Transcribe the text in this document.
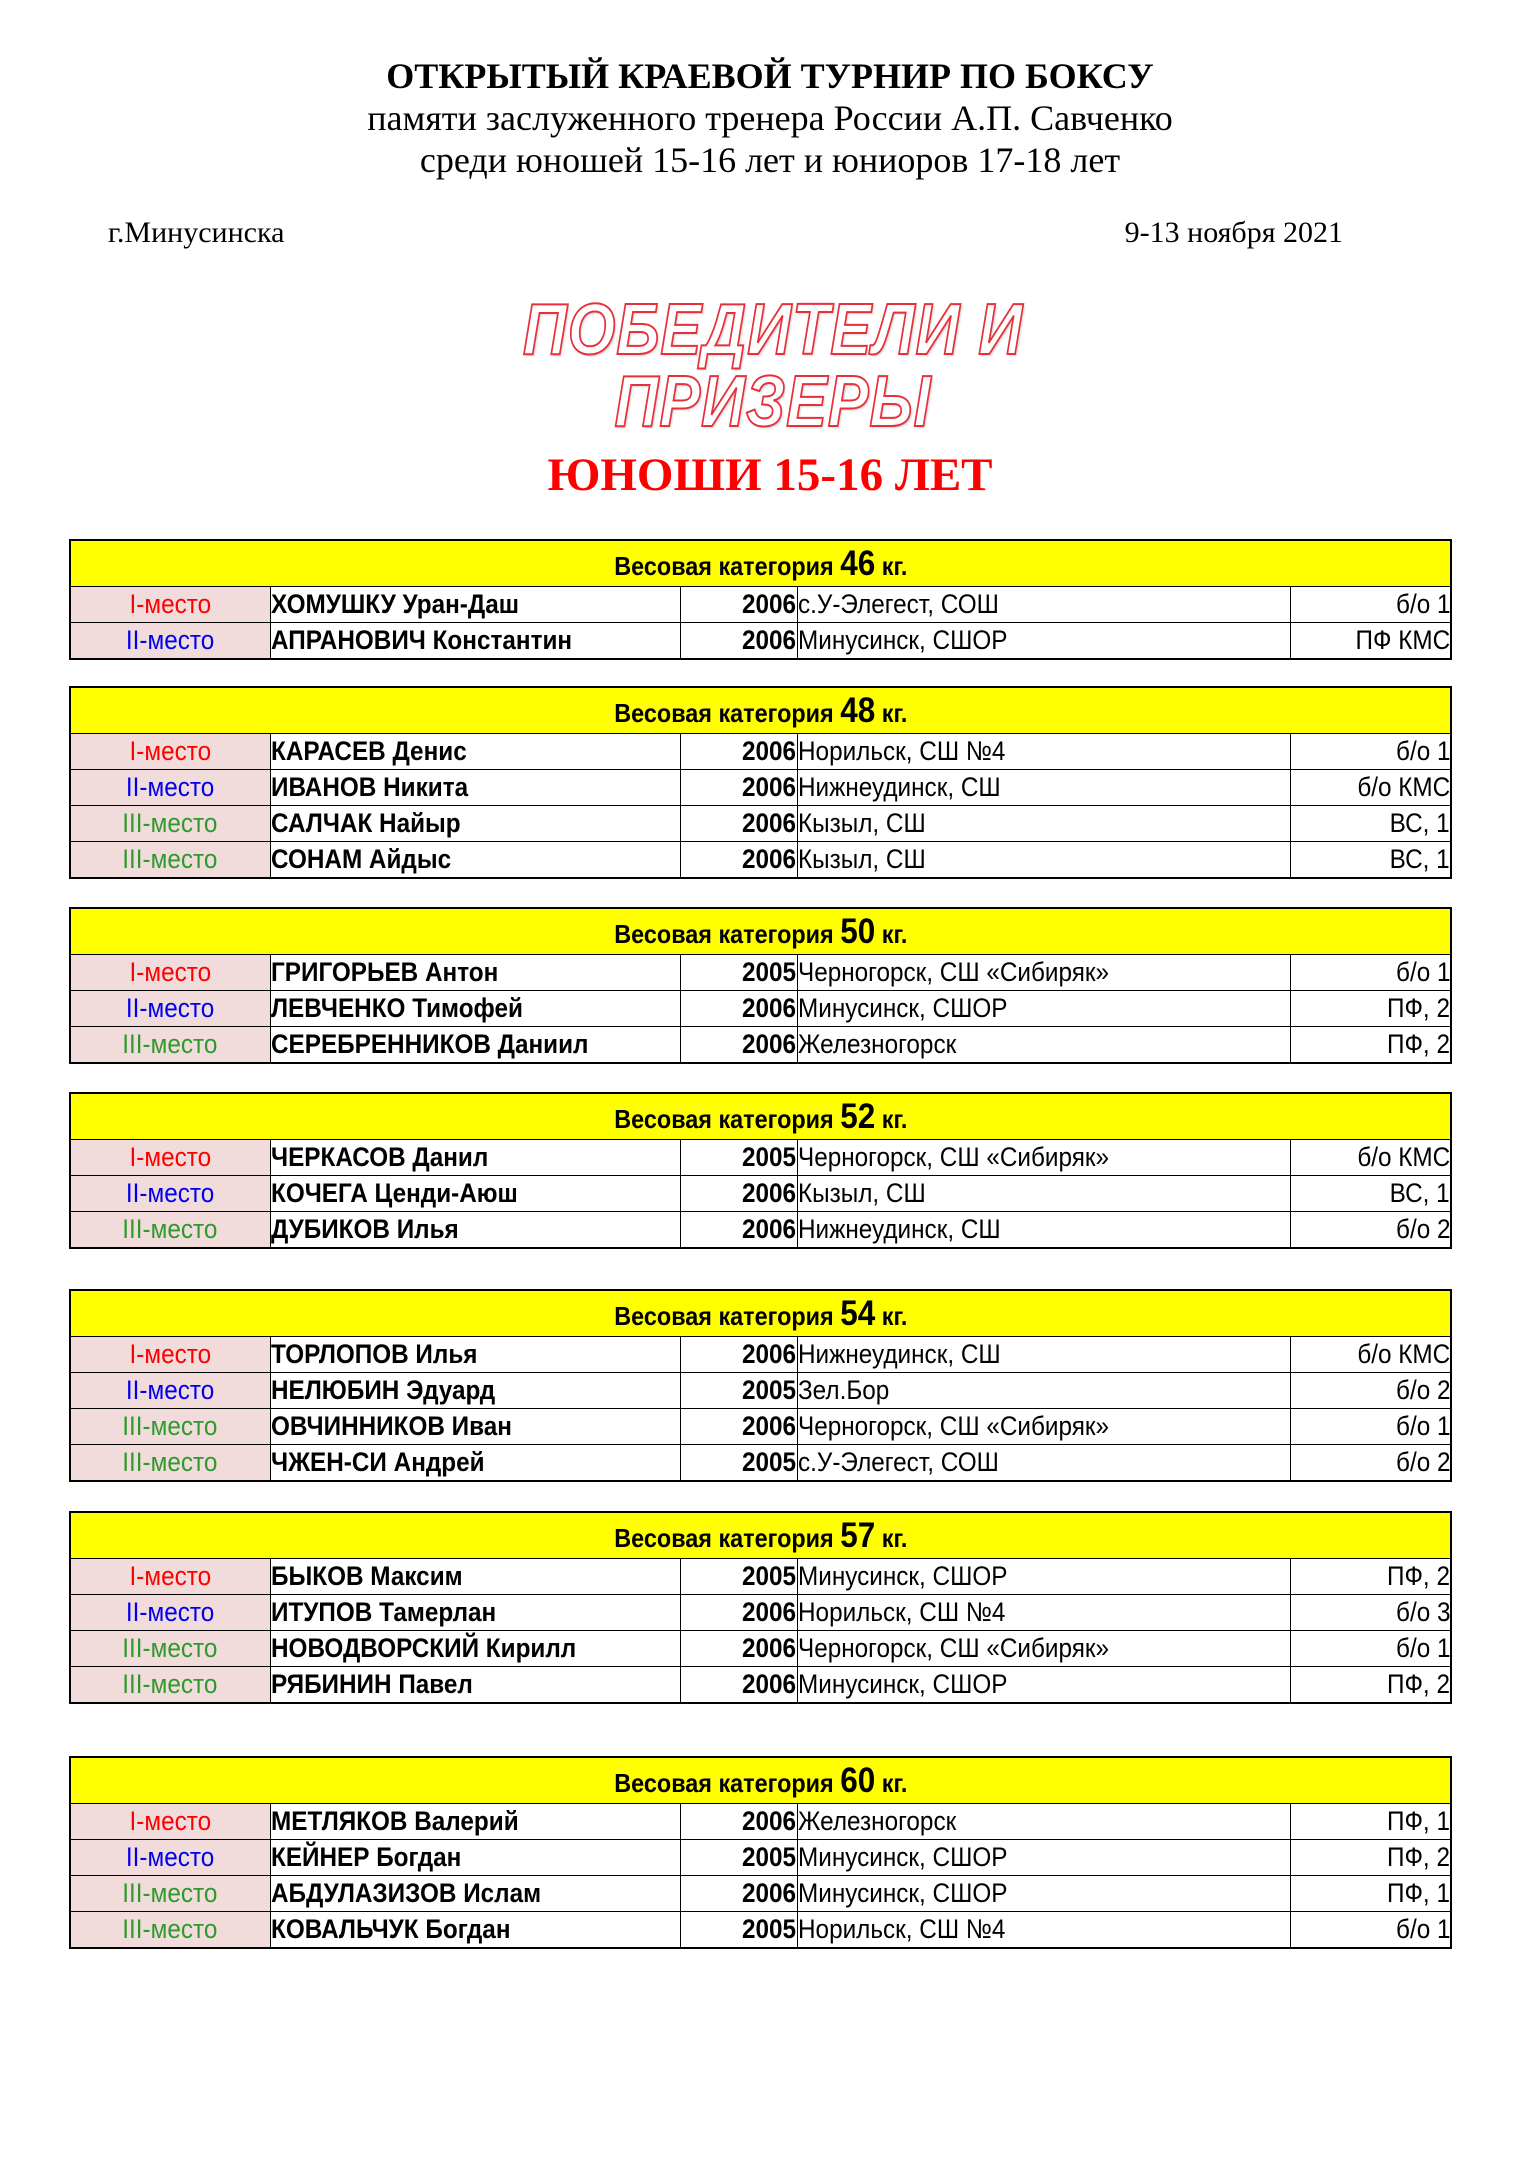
ОТКРЫТЫЙ КРАЕВОЙ ТУРНИР ПО БОКСУ
памяти заслуженного тренера России А.П. Савченко
среди юношей 15-16 лет и юниоров 17-18 лет
г.Минусинска	9-13 ноября 2021
ПОБЕДИТЕЛИ И
ПРИЗЕРЫ
ЮНОШИ 15-16 ЛЕТ
Весовая категория 46 кг.				
I-место	ХОМУШКУ Уран-Даш	2006	с.У-Элегест, СОШ	б/о 1
II-место	АПРАНОВИЧ Константин	2006	Минусинск, СШОР	ПФ КМС
Весовая категория 48 кг.				
I-место	КАРАСЕВ Денис	2006	Норильск, СШ №4	б/о 1
II-место	ИВАНОВ Никита	2006	Нижнеудинск, СШ	б/о КМС
III-место	САЛЧАК Найыр	2006	Кызыл, СШ	ВС, 1
III-место	СОНАМ Айдыс	2006	Кызыл, СШ	ВС, 1
Весовая категория 50 кг.				
I-место	ГРИГОРЬЕВ Антон	2005	Черногорск, СШ «Сибиряк»	б/о 1
II-место	ЛЕВЧЕНКО Тимофей	2006	Минусинск, СШОР	ПФ, 2
III-место	СЕРЕБРЕННИКОВ Даниил	2006	Железногорск	ПФ, 2
Весовая категория 52 кг.				
I-место	ЧЕРКАСОВ Данил	2005	Черногорск, СШ «Сибиряк»	б/о КМС
II-место	КОЧЕГА Ценди-Аюш	2006	Кызыл, СШ	ВС, 1
III-место	ДУБИКОВ Илья	2006	Нижнеудинск, СШ	б/о 2
Весовая категория 54 кг.				
I-место	ТОРЛОПОВ Илья	2006	Нижнеудинск, СШ	б/о КМС
II-место	НЕЛЮБИН Эдуард	2005	Зел.Бор	б/о 2
III-место	ОВЧИННИКОВ Иван	2006	Черногорск, СШ «Сибиряк»	б/о 1
III-место	ЧЖЕН-СИ Андрей	2005	с.У-Элегест, СОШ	б/о 2
Весовая категория 57 кг.				
I-место	БЫКОВ Максим	2005	Минусинск, СШОР	ПФ, 2
II-место	ИТУПОВ Тамерлан	2006	Норильск, СШ №4	б/о 3
III-место	НОВОДВОРСКИЙ Кирилл	2006	Черногорск, СШ «Сибиряк»	б/о 1
III-место	РЯБИНИН Павел	2006	Минусинск, СШОР	ПФ, 2
Весовая категория 60 кг.				
I-место	МЕТЛЯКОВ Валерий	2006	Железногорск	ПФ, 1
II-место	КЕЙНЕР Богдан	2005	Минусинск, СШОР	ПФ, 2
III-место	АБДУЛАЗИЗОВ Ислам	2006	Минусинск, СШОР	ПФ, 1
III-место	КОВАЛЬЧУК Богдан	2005	Норильск, СШ №4	б/о 1
